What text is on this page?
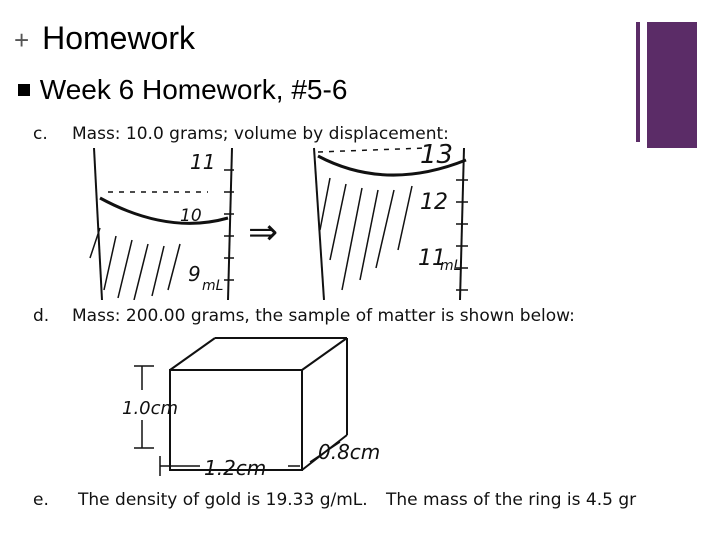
+ Homework
Week 6 Homework, #5-6
c. Mass: 10.0 grams; volume by displacement:
11
10
9 mL
⇒
13
12
11
mL
d. Mass: 200.00 grams, the sample of matter is shown below:
1.0cm
1.2cm
0.8cm
e. The density of gold is 19.33 g/mL. The mass of the ring is 4.5 gr
